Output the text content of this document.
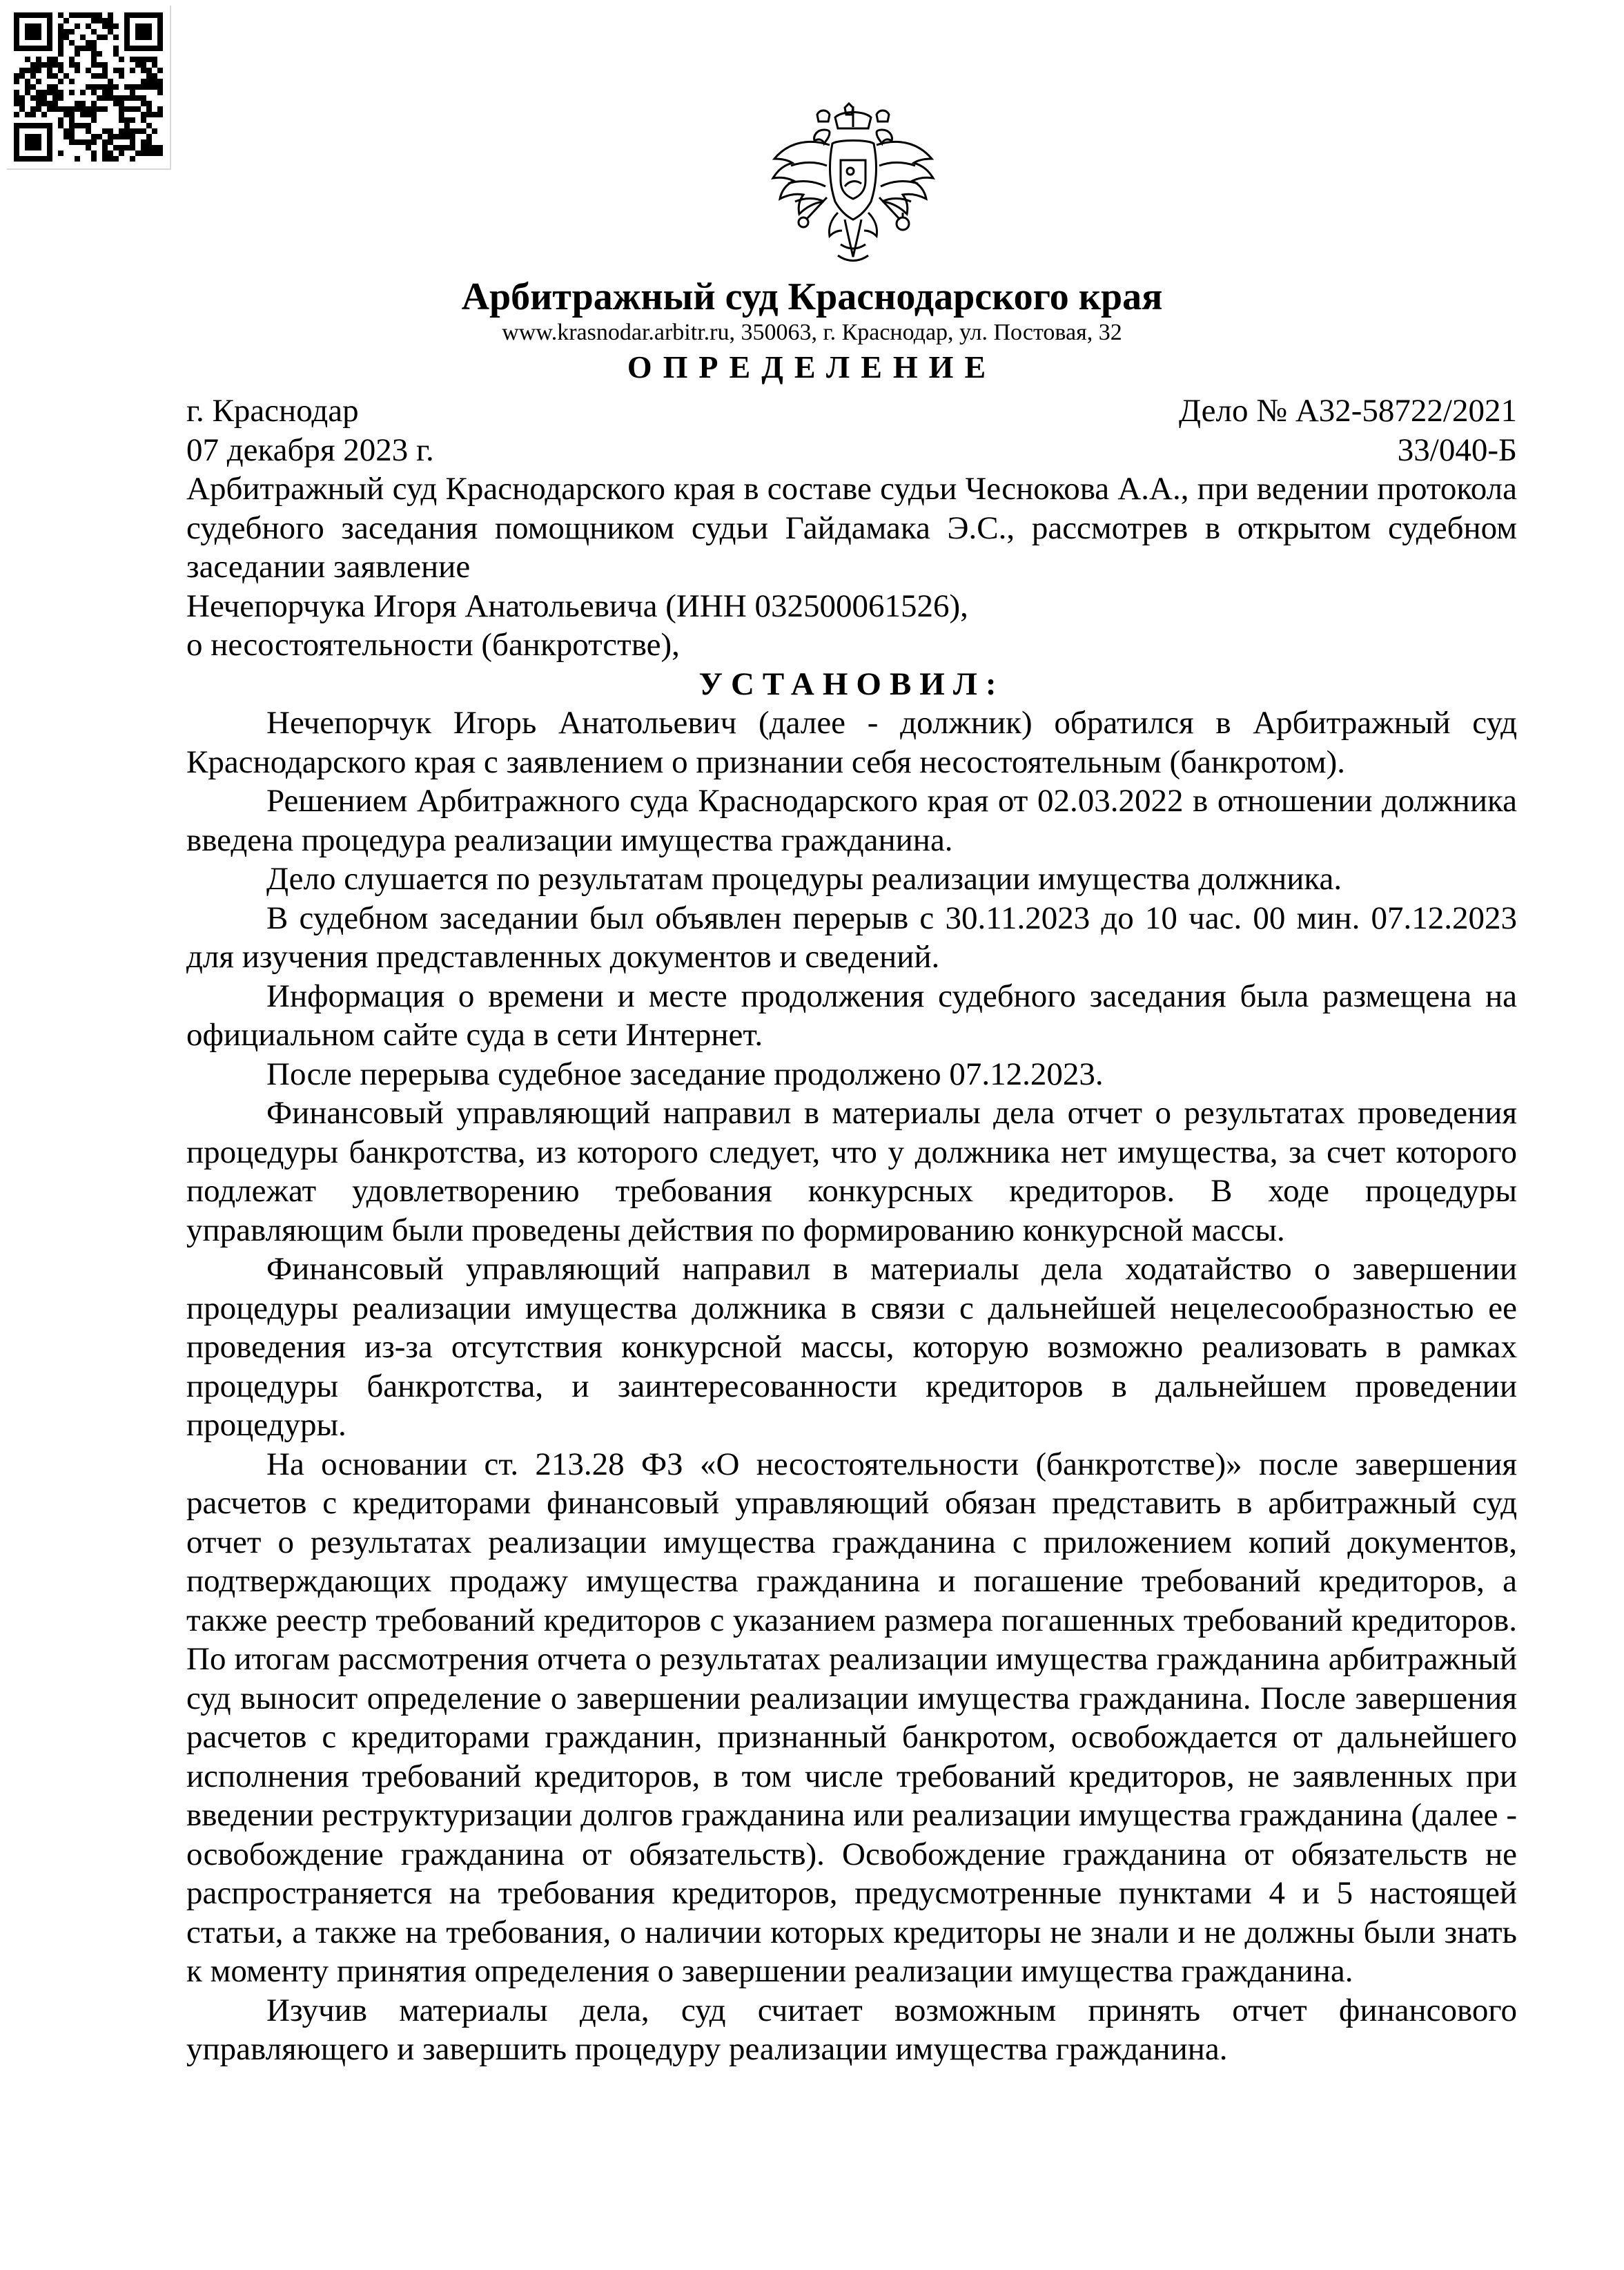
Арбитражный суд Краснодарского края
www.krasnodar.arbitr.ru, 350063, г. Краснодар, ул. Постовая, 32
ОПРЕДЕЛЕНИЕ
г. Краснодар	Дело № А32-58722/2021
07 декабря 2023 г.	33/040-Б

Арбитражный суд Краснодарского края в составе судьи Чеснокова А.А., при ведении протокола судебного заседания помощником судьи Гайдамака Э.С., рассмотрев в открытом судебном заседании заявление

Нечепорчука Игоря Анатольевича (ИНН 032500061526),

о несостоятельности (банкротстве),

УСТАНОВИЛ:

Нечепорчук Игорь Анатольевич (далее - должник) обратился в Арбитражный суд Краснодарского края с заявлением о признании себя несостоятельным (банкротом).

Решением Арбитражного суда Краснодарского края от 02.03.2022 в отношении должника введена процедура реализации имущества гражданина.

Дело слушается по результатам процедуры реализации имущества должника.

В судебном заседании был объявлен перерыв с 30.11.2023 до 10 час. 00 мин. 07.12.2023 для изучения представленных документов и сведений.

Информация о времени и месте продолжения судебного заседания была размещена на официальном сайте суда в сети Интернет.

После перерыва судебное заседание продолжено 07.12.2023.

Финансовый управляющий направил в материалы дела отчет о результатах проведения процедуры банкротства, из которого следует, что у должника нет имущества, за счет которого подлежат удовлетворению требования конкурсных кредиторов. В ходе процедуры управляющим были проведены действия по формированию конкурсной массы.

Финансовый управляющий направил в материалы дела ходатайство о завершении процедуры реализации имущества должника в связи с дальнейшей нецелесообразностью ее проведения из-за отсутствия конкурсной массы, которую возможно реализовать в рамках процедуры банкротства, и заинтересованности кредиторов в дальнейшем проведении процедуры.

На основании ст. 213.28 ФЗ «О несостоятельности (банкротстве)» после завершения расчетов с кредиторами финансовый управляющий обязан представить в арбитражный суд отчет о результатах реализации имущества гражданина с приложением копий документов, подтверждающих продажу имущества гражданина и погашение требований кредиторов, а также реестр требований кредиторов с указанием размера погашенных требований кредиторов. По итогам рассмотрения отчета о результатах реализации имущества гражданина арбитражный суд выносит определение о завершении реализации имущества гражданина. После завершения расчетов с кредиторами гражданин, признанный банкротом, освобождается от дальнейшего исполнения требований кредиторов, в том числе требований кредиторов, не заявленных при введении реструктуризации долгов гражданина или реализации имущества гражданина (далее - освобождение гражданина от обязательств). Освобождение гражданина от обязательств не распространяется на требования кредиторов, предусмотренные пунктами 4 и 5 настоящей статьи, а также на требования, о наличии которых кредиторы не знали и не должны были знать к моменту принятия определения о завершении реализации имущества гражданина.

Изучив материалы дела, суд считает возможным принять отчет финансового управляющего и завершить процедуру реализации имущества гражданина.
